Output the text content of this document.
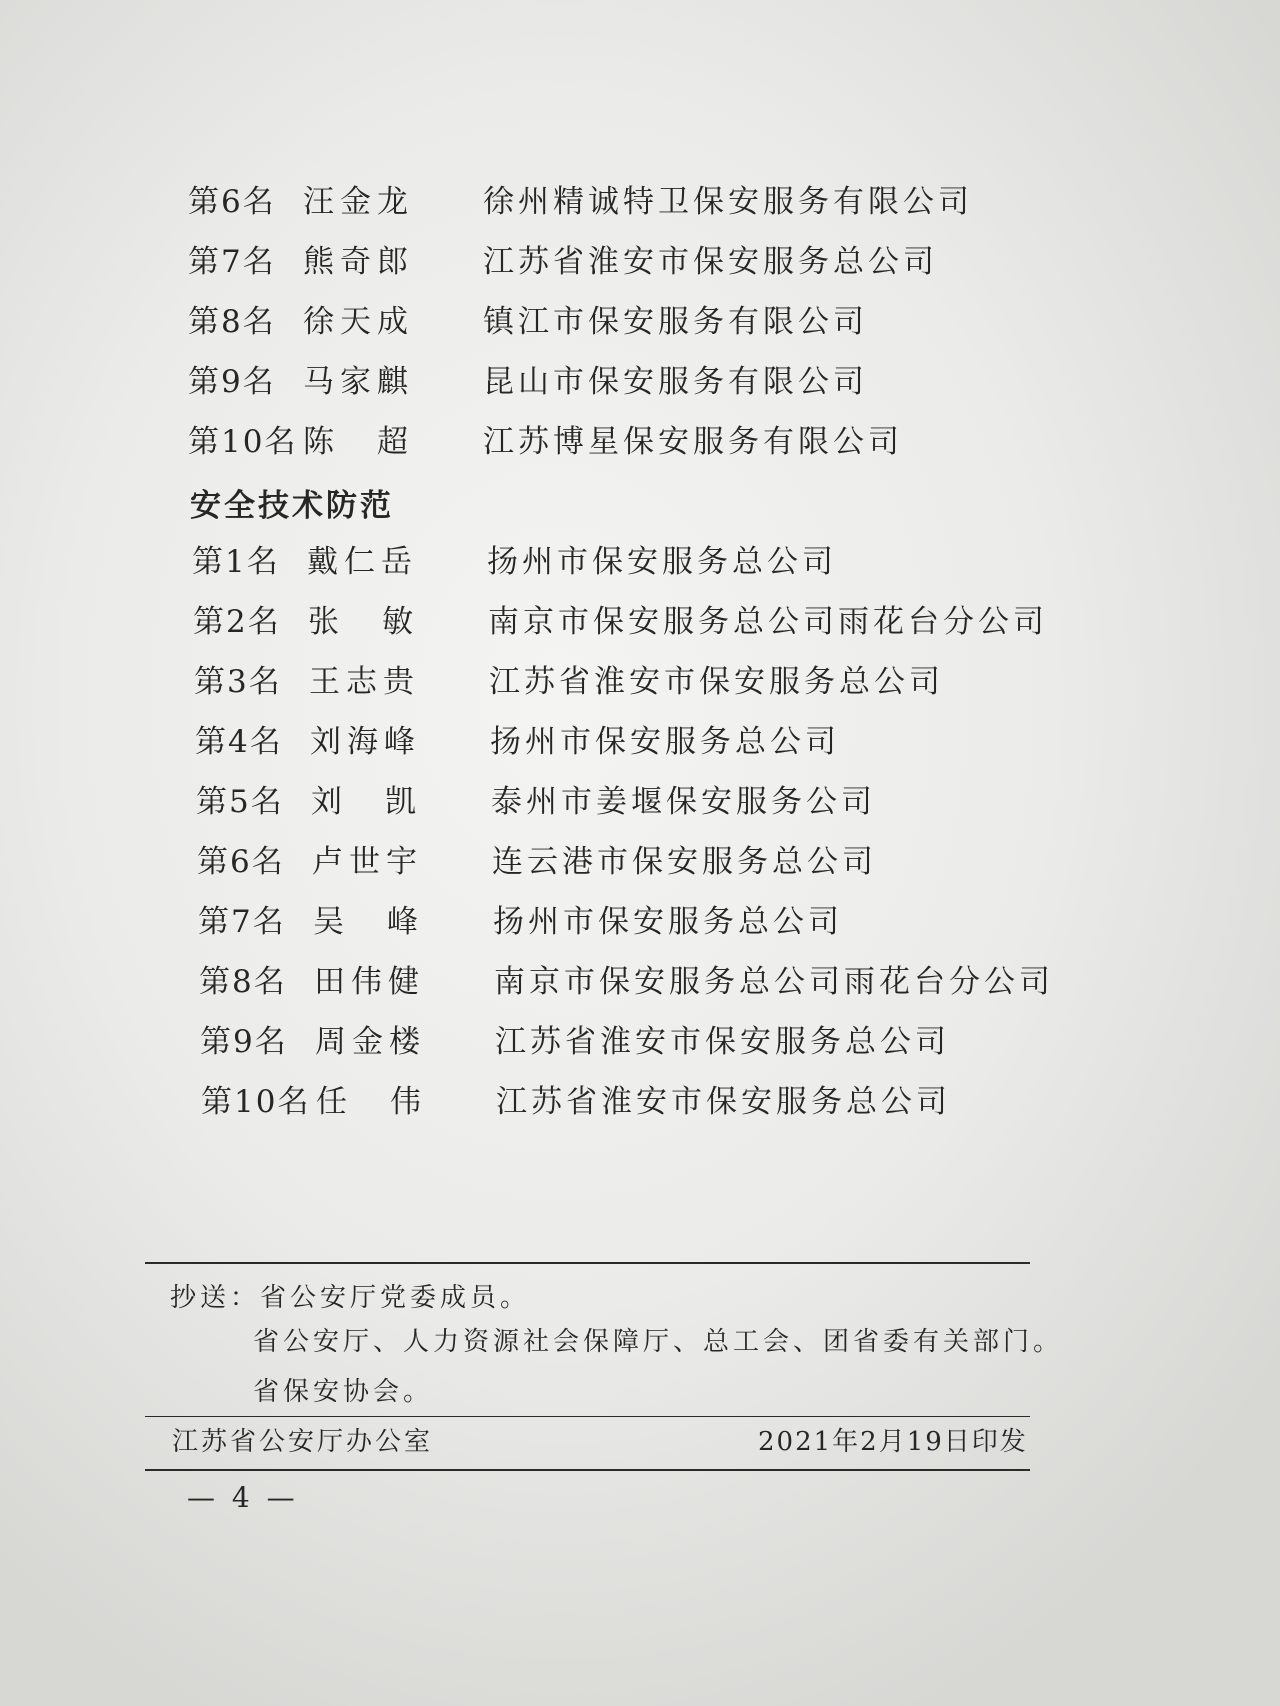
第6名 汪金龙 徐州精诚特卫保安服务有限公司
第7名 熊奇郎 江苏省淮安市保安服务总公司
第8名 徐天成 镇江市保安服务有限公司
第9名 马家麒 昆山市保安服务有限公司
第10名 陈　超 江苏博星保安服务有限公司
安全技术防范
第1名 戴仁岳 扬州市保安服务总公司
第2名 张　敏 南京市保安服务总公司雨花台分公司
第3名 王志贵 江苏省淮安市保安服务总公司
第4名 刘海峰 扬州市保安服务总公司
第5名 刘　凯 泰州市姜堰保安服务公司
第6名 卢世宇 连云港市保安服务总公司
第7名 吴　峰 扬州市保安服务总公司
第8名 田伟健 南京市保安服务总公司雨花台分公司
第9名 周金楼 江苏省淮安市保安服务总公司
第10名 任　伟 江苏省淮安市保安服务总公司
抄送：省公安厅党委成员。
省公安厅、人力资源社会保障厅、总工会、团省委有关部门。
省保安协会。
江苏省公安厅办公室	2021年2月19日印发
— 4 —
